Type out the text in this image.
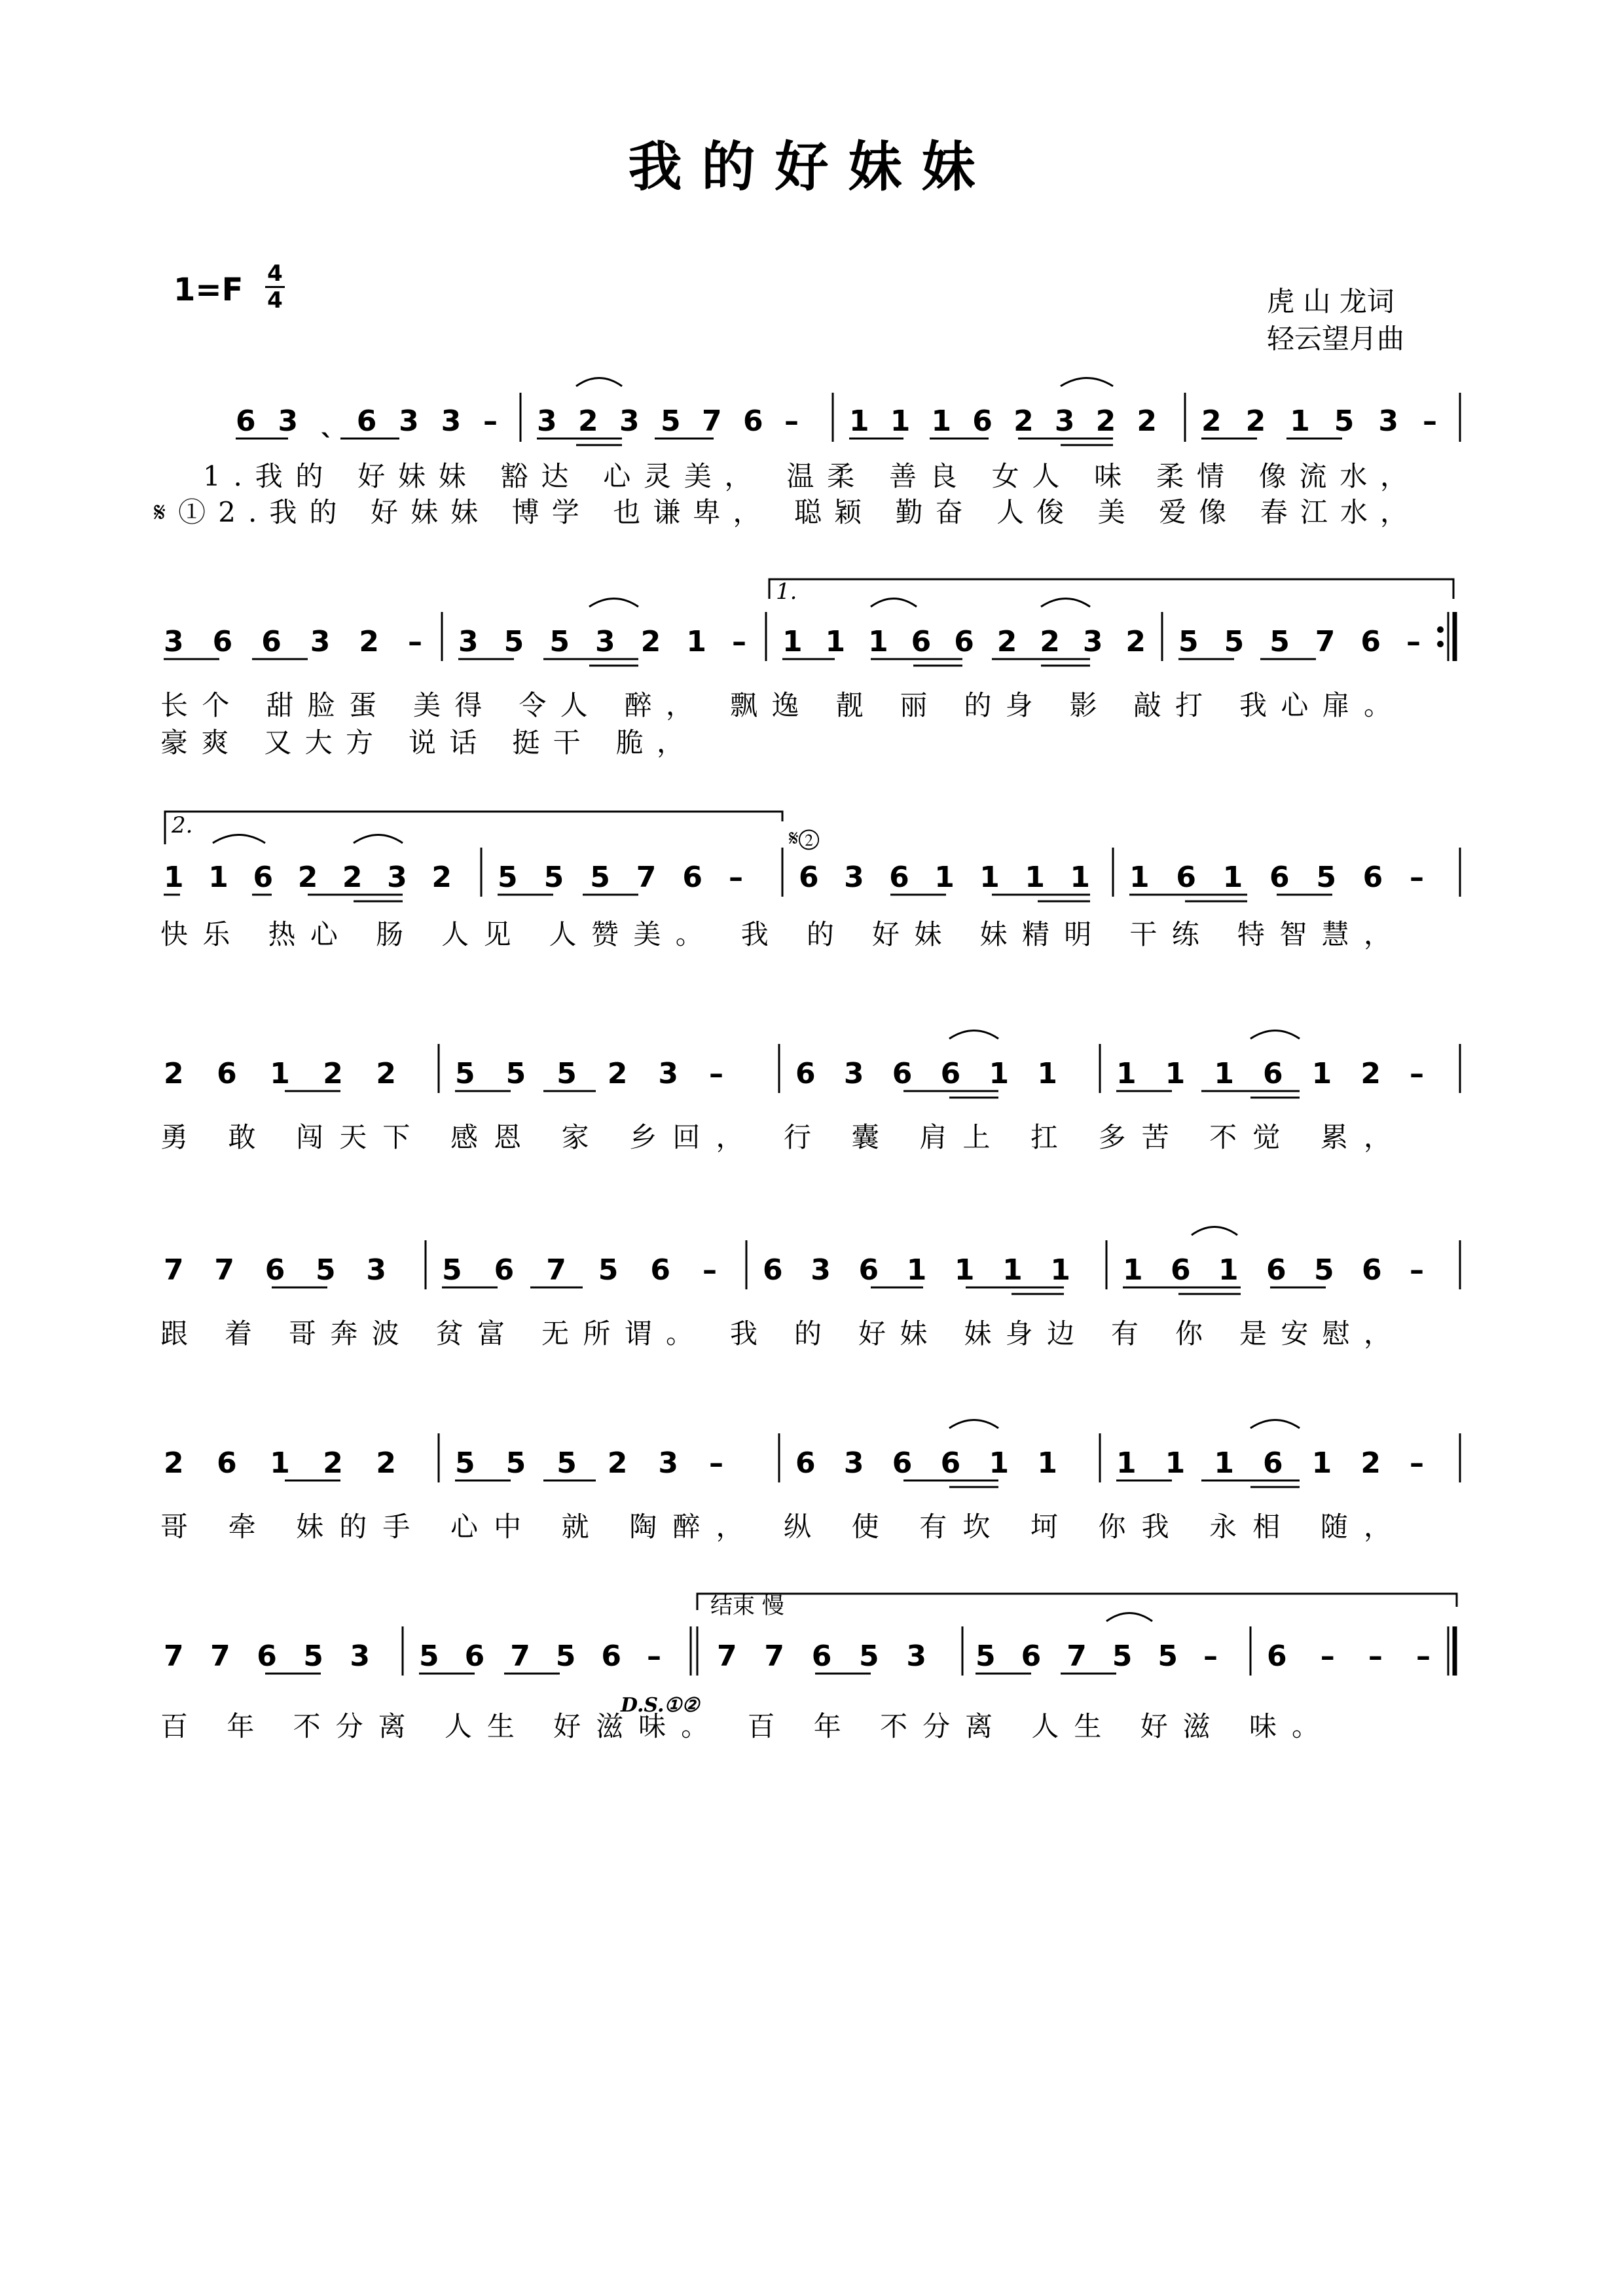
我的好妹妹
1=F 4
4	虎 山 龙词
轻云望月曲
6 3 ˎ 6 3 3 – 3 2 3 5 7 6 – 1 1 1 6 2 3 2 2 2 2 1 5 3 –
1.我的 好妹妹 豁达 心灵美， 温柔 善良 女人 味 柔情 像流水，
𝄋①2.我的 好妹妹 博学 也谦卑， 聪颖 勤奋 人俊 美 爱像 春江水，
1.
3 6 6 3 2 – 3 5 5 3 2 1 – 1 1 1 6 6 2 2 3 2 5 5 5 7 6 –
长个 甜脸蛋 美得 令人 醉， 飘逸 靓 丽 的身 影 敲打 我心扉。
豪爽 又大方 说话 挺干 脆，
2.	𝄋②
1 1 6 2 2 3 2 5 5 5 7 6 – 6 3 6 1 1 1 1 1 6 1 6 5 6 –
快乐 热心 肠 人见 人赞美。 我 的 好妹 妹精明 干练 特智慧，
2 6 1 2 2 5 5 5 2 3 –	6 3 6 6 1 1 1 1 1 6 1 2 –
勇 敢 闯天下 感恩 家 乡回， 行 囊 肩上 扛 多苦 不觉 累，
7 7 6 5 3 5 6 7 5 6 – 6 3 6 1 1 1 1 1 6 1 6 5 6 –
跟 着 哥奔波 贫富 无所谓。 我 的 好妹 妹身边 有 你 是安慰，
2 6 1 2 2 5 5 5 2 3 –	6 3 6 6 1 1 1 1 1 6 1 2 –
哥 牵 妹的手 心中 就 陶醉， 纵 使 有坎 坷 你我 永相 随，
结束 慢
7 7 6 5 3 5 6 7 5 6 – 7 7 6 5 3 5 6 7 5 5 – 6 – – –
百 年 不分离 人生 好滋味。 百 年 不分离 人生 好滋 味。
D.S.①②
